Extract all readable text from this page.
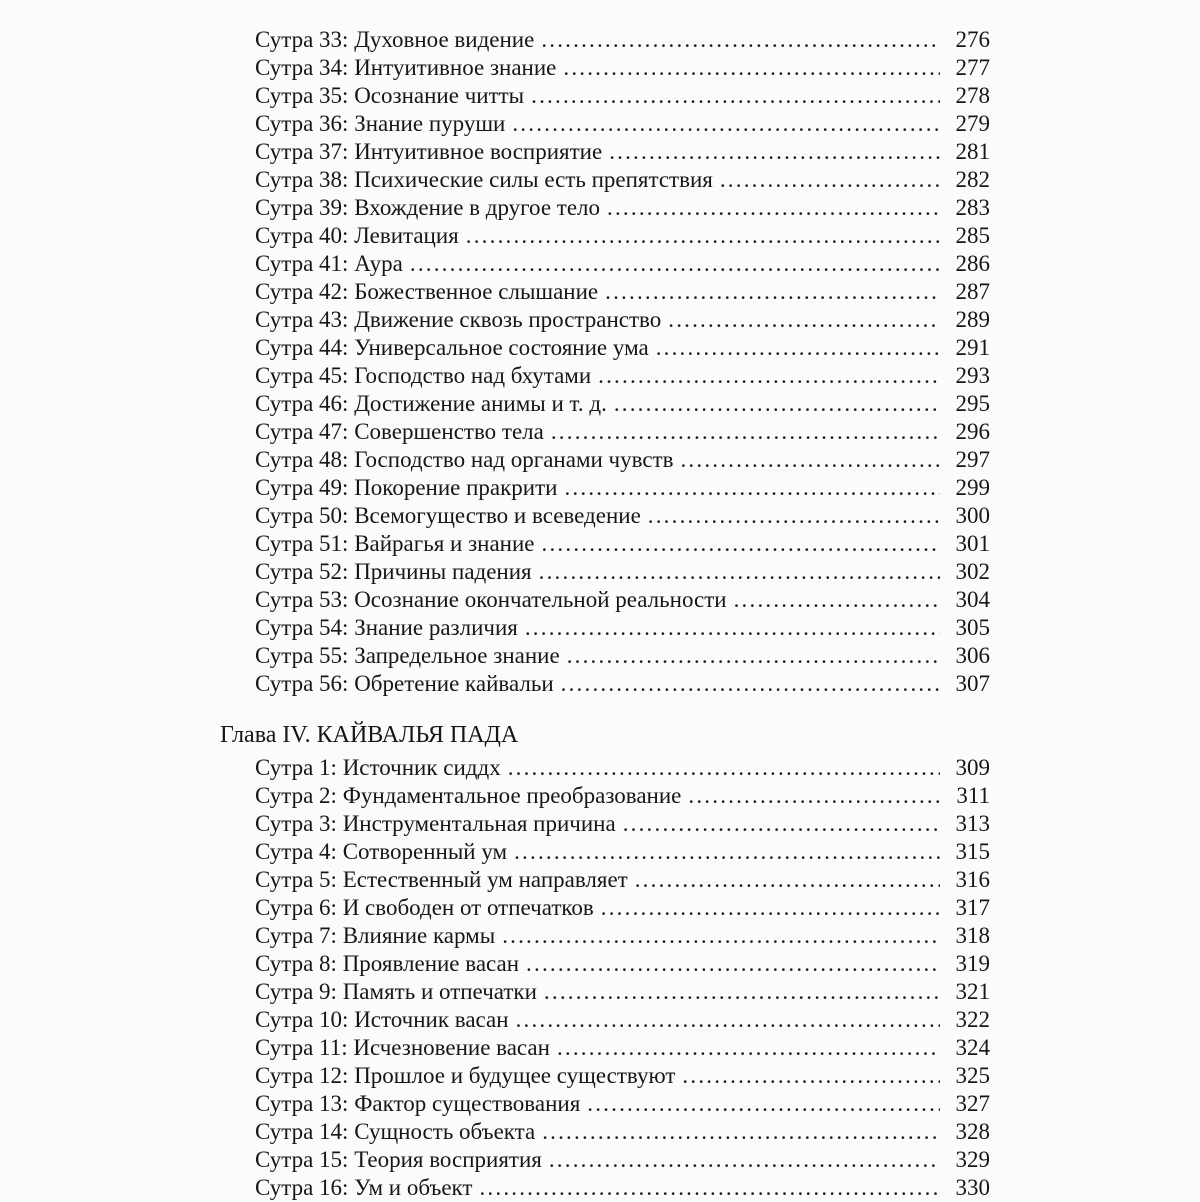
Сутра 33: Духовное видение .....	276
Сутра 34: Интуитивное знание .....	277
Сутра 35: Осознание читты .....	278
Сутра 36: Знание пуруши .....	279
Сутра 37: Интуитивное восприятие .....	281
Сутра 38: Психические силы есть препятствия .....	282
Сутра 39: Вхождение в другое тело .....	283
Сутра 40: Левитация .....	285
Сутра 41: Аура .....	286
Сутра 42: Божественное слышание .....	287
Сутра 43: Движение сквозь пространство .....	289
Сутра 44: Универсальное состояние ума .....	291
Сутра 45: Господство над бхутами .....	293
Сутра 46: Достижение анимы и т. д. .....	295
Сутра 47: Совершенство тела .....	296
Сутра 48: Господство над органами чувств .....	297
Сутра 49: Покорение пракрити .....	299
Сутра 50: Всемогущество и всеведение .....	300
Сутра 51: Вайрагья и знание .....	301
Сутра 52: Причины падения .....	302
Сутра 53: Осознание окончательной реальности .....	304
Сутра 54: Знание различия .....	305
Сутра 55: Запредельное знание .....	306
Сутра 56: Обретение кайвальи .....	307
Глава IV. КАЙВАЛЬЯ ПАДА
Сутра 1: Источник сиддх .....	309
Сутра 2: Фундаментальное преобразование .....	311
Сутра 3: Инструментальная причина .....	313
Сутра 4: Сотворенный ум .....	315
Сутра 5: Естественный ум направляет .....	316
Сутра 6: И свободен от отпечатков .....	317
Сутра 7: Влияние кармы .....	318
Сутра 8: Проявление васан .....	319
Сутра 9: Память и отпечатки .....	321
Сутра 10: Источник васан .....	322
Сутра 11: Исчезновение васан .....	324
Сутра 12: Прошлое и будущее существуют .....	325
Сутра 13: Фактор существования .....	327
Сутра 14: Сущность объекта .....	328
Сутра 15: Теория восприятия .....	329
Сутра 16: Ум и объект .....	330
